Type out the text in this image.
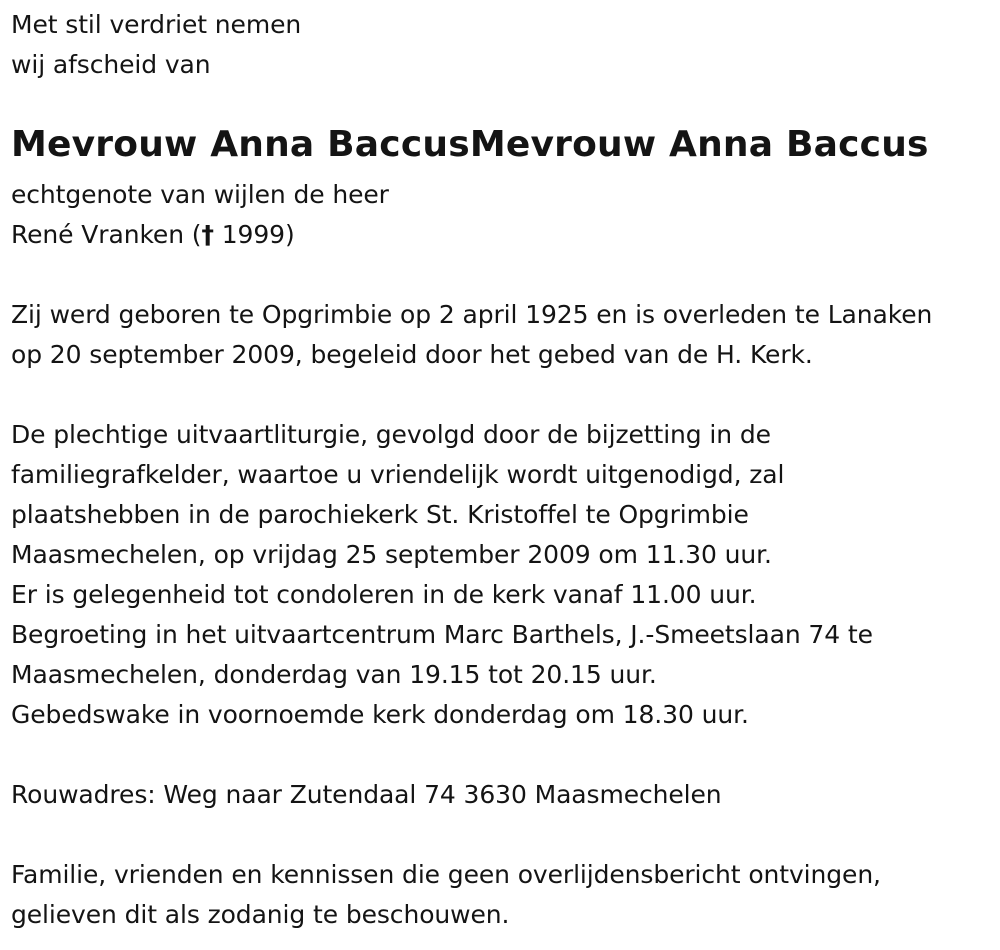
Met stil verdriet nemen
wij afscheid van
Mevrouw Anna BaccusMevrouw Anna Baccus
echtgenote van wijlen de heer
René Vranken († 1999)
Zij werd geboren te Opgrimbie op 2 april 1925 en is overleden te Lanaken
op 20 september 2009, begeleid door het gebed van de H. Kerk.
De plechtige uitvaartliturgie, gevolgd door de bijzetting in de
familiegrafkelder, waartoe u vriendelijk wordt uitgenodigd, zal
plaatshebben in de parochiekerk St. Kristoffel te Opgrimbie
Maasmechelen, op vrijdag 25 september 2009 om 11.30 uur.
Er is gelegenheid tot condoleren in de kerk vanaf 11.00 uur.
Begroeting in het uitvaartcentrum Marc Barthels, J.-Smeetslaan 74 te
Maasmechelen, donderdag van 19.15 tot 20.15 uur.
Gebedswake in voornoemde kerk donderdag om 18.30 uur.
Rouwadres: Weg naar Zutendaal 74 3630 Maasmechelen
Familie, vrienden en kennissen die geen overlijdensbericht ontvingen,
gelieven dit als zodanig te beschouwen.
